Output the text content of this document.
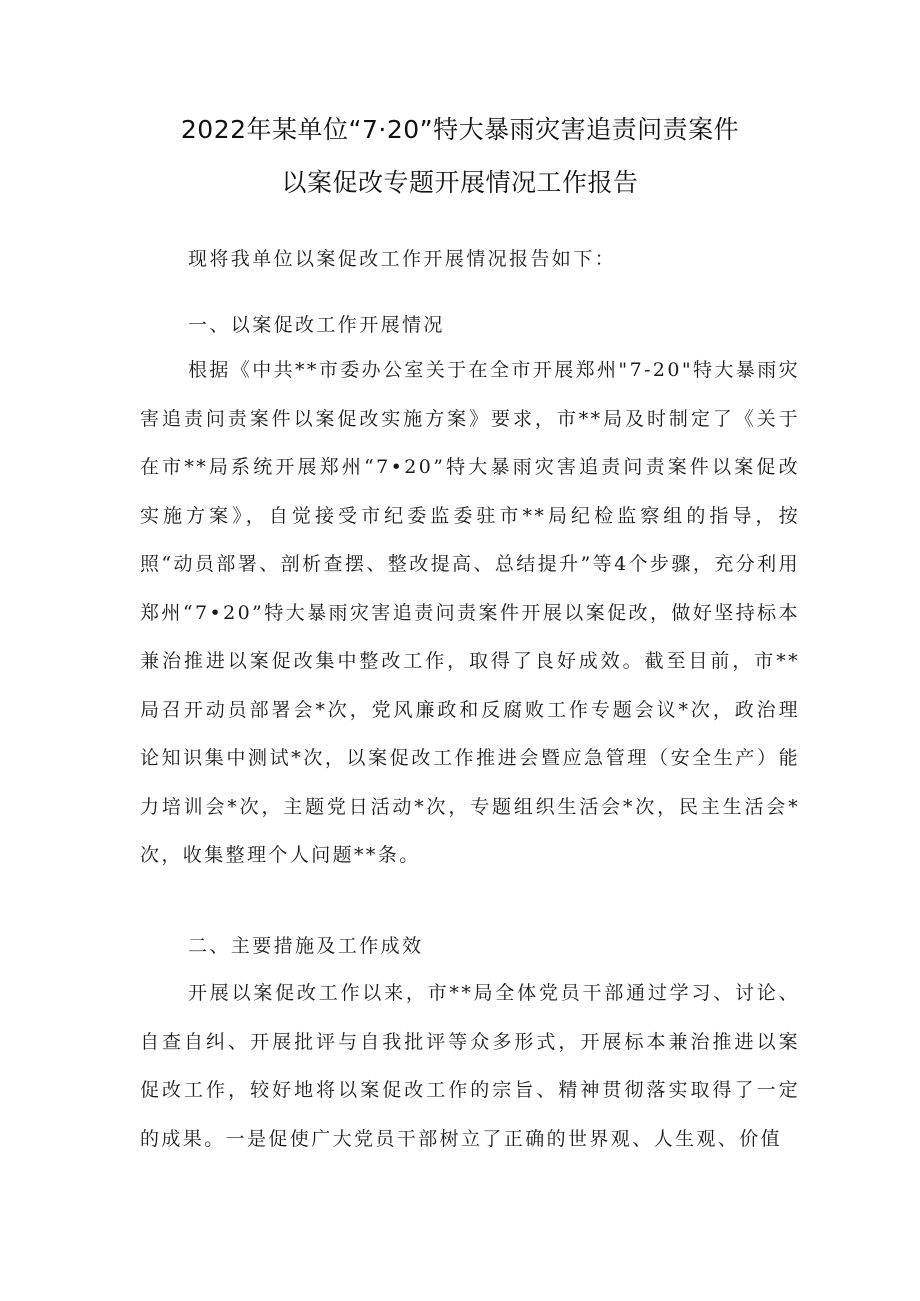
2022年某单位“7·20”特大暴雨灾害追责问责案件
以案促改专题开展情况工作报告

现将我单位以案促改工作开展情况报告如下：

一、以案促改工作开展情况

根据《中共**市委办公室关于在全市开展郑州"7-20"特大暴雨灾害追责问责案件以案促改实施方案》要求，市**局及时制定了《关于在市**局系统开展郑州“7•20”特大暴雨灾害追责问责案件以案促改实施方案》，自觉接受市纪委监委驻市**局纪检监察组的指导，按照“动员部署、剖析查摆、整改提高、总结提升”等4个步骤，充分利用郑州“7•20”特大暴雨灾害追责问责案件开展以案促改，做好坚持标本兼治推进以案促改集中整改工作，取得了良好成效。截至目前，市**局召开动员部署会*次，党风廉政和反腐败工作专题会议*次，政治理论知识集中测试*次，以案促改工作推进会暨应急管理（安全生产）能力培训会*次，主题党日活动*次，专题组织生活会*次，民主生活会*次，收集整理个人问题**条。

二、主要措施及工作成效

开展以案促改工作以来，市**局全体党员干部通过学习、讨论、自查自纠、开展批评与自我批评等众多形式，开展标本兼治推进以案促改工作，较好地将以案促改工作的宗旨、精神贯彻落实取得了一定的成果。一是促使广大党员干部树立了正确的世界观、人生观、价值
